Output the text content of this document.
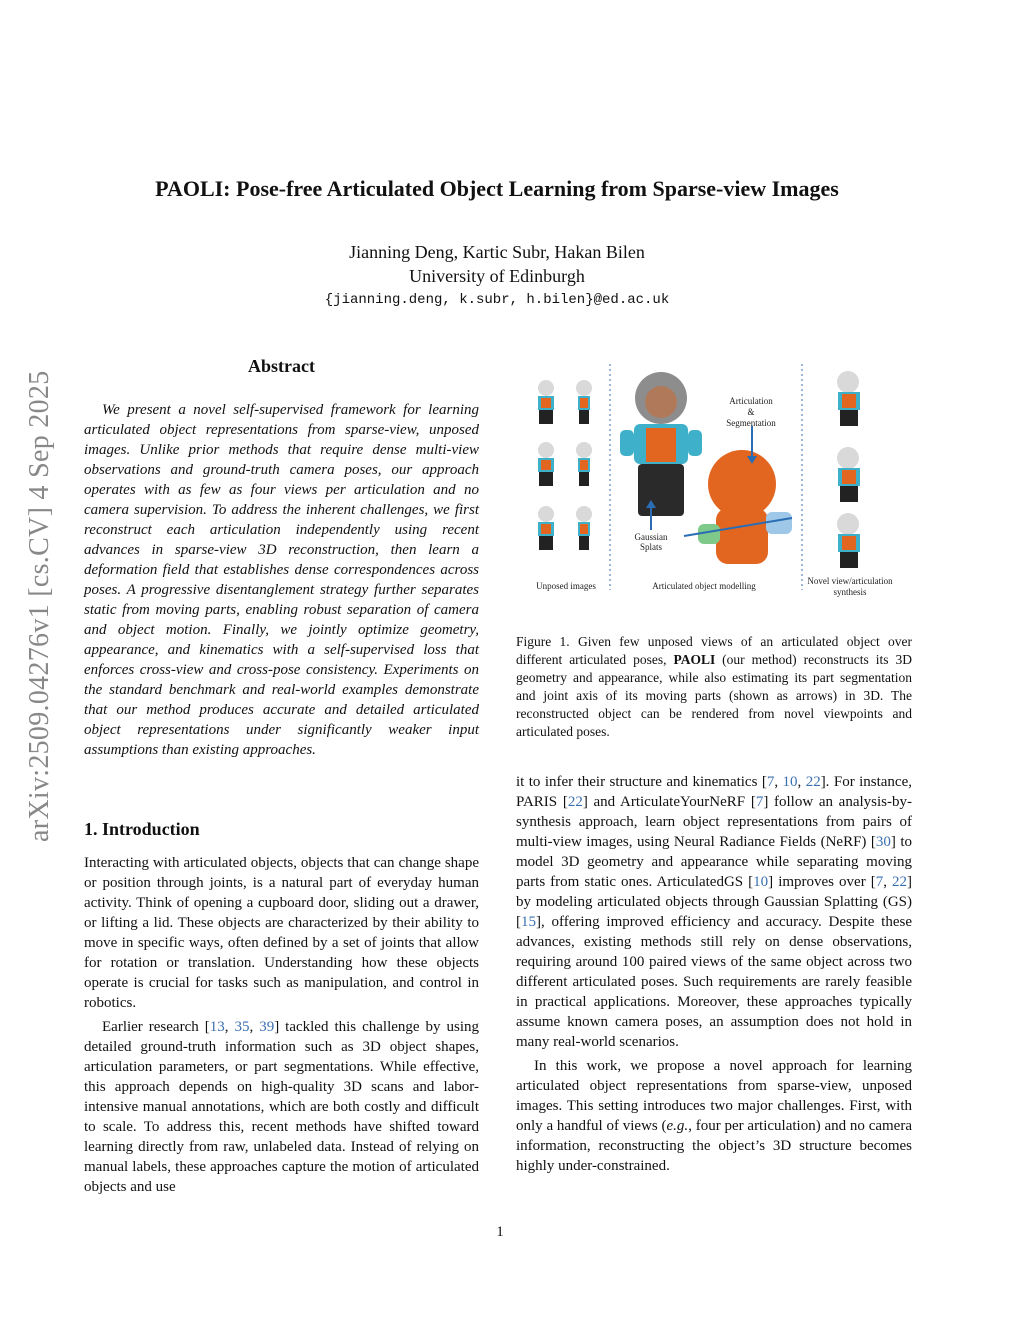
arXiv:2509.04276v1 [cs.CV] 4 Sep 2025
PAOLI: Pose-free Articulated Object Learning from Sparse-view Images
Jianning Deng, Kartic Subr, Hakan Bilen
University of Edinburgh
{jianning.deng, k.subr, h.bilen}@ed.ac.uk
Abstract

We present a novel self-supervised framework for learning articulated object representations from sparse-view, unposed images. Unlike prior methods that require dense multi-view observations and ground-truth camera poses, our approach operates with as few as four views per articulation and no camera supervision. To address the inherent challenges, we first reconstruct each articulation independently using recent advances in sparse-view 3D reconstruction, then learn a deformation field that establishes dense correspondences across poses. A progressive disentanglement strategy further separates static from moving parts, enabling robust separation of camera and object motion. Finally, we jointly optimize geometry, appearance, and kinematics with a self-supervised loss that enforces cross-view and cross-pose consistency. Experiments on the standard benchmark and real-world examples demonstrate that our method produces accurate and detailed articulated object representations under significantly weaker input assumptions than existing approaches.

1. Introduction

Interacting with articulated objects, objects that can change shape or position through joints, is a natural part of everyday human activity. Think of opening a cupboard door, sliding out a drawer, or lifting a lid. These objects are characterized by their ability to move in specific ways, often defined by a set of joints that allow for rotation or translation. Understanding how these objects operate is crucial for tasks such as manipulation, and control in robotics.

Earlier research [13, 35, 39] tackled this challenge by using detailed ground-truth information such as 3D object shapes, articulation parameters, or part segmentations. While effective, this approach depends on high-quality 3D scans and labor-intensive manual annotations, which are both costly and difficult to scale. To address this, recent methods have shifted toward learning directly from raw, unlabeled data. Instead of relying on manual labels, these approaches capture the motion of articulated objects and use

Articulation
&
Segmentation
Gaussian
Splats
Unposed images	Articulated object modelling	Novel view/articulation
synthesis

Figure 1. Given few unposed views of an articulated object over different articulated poses, PAOLI (our method) reconstructs its 3D geometry and appearance, while also estimating its part segmentation and joint axis of its moving parts (shown as arrows) in 3D. The reconstructed object can be rendered from novel viewpoints and articulated poses.

it to infer their structure and kinematics [7, 10, 22]. For instance, PARIS [22] and ArticulateYourNeRF [7] follow an analysis-by-synthesis approach, learn object representations from pairs of multi-view images, using Neural Radiance Fields (NeRF) [30] to model 3D geometry and appearance while separating moving parts from static ones. ArticulatedGS [10] improves over [7, 22] by modeling articulated objects through Gaussian Splatting (GS) [15], offering improved efficiency and accuracy. Despite these advances, existing methods still rely on dense observations, requiring around 100 paired views of the same object across two different articulated poses. Such requirements are rarely feasible in practical applications. Moreover, these approaches typically assume known camera poses, an assumption does not hold in many real-world scenarios.

In this work, we propose a novel approach for learning articulated object representations from sparse-view, unposed images. This setting introduces two major challenges. First, with only a handful of views (e.g., four per articulation) and no camera information, reconstructing the object’s 3D structure becomes highly under-constrained.

1
